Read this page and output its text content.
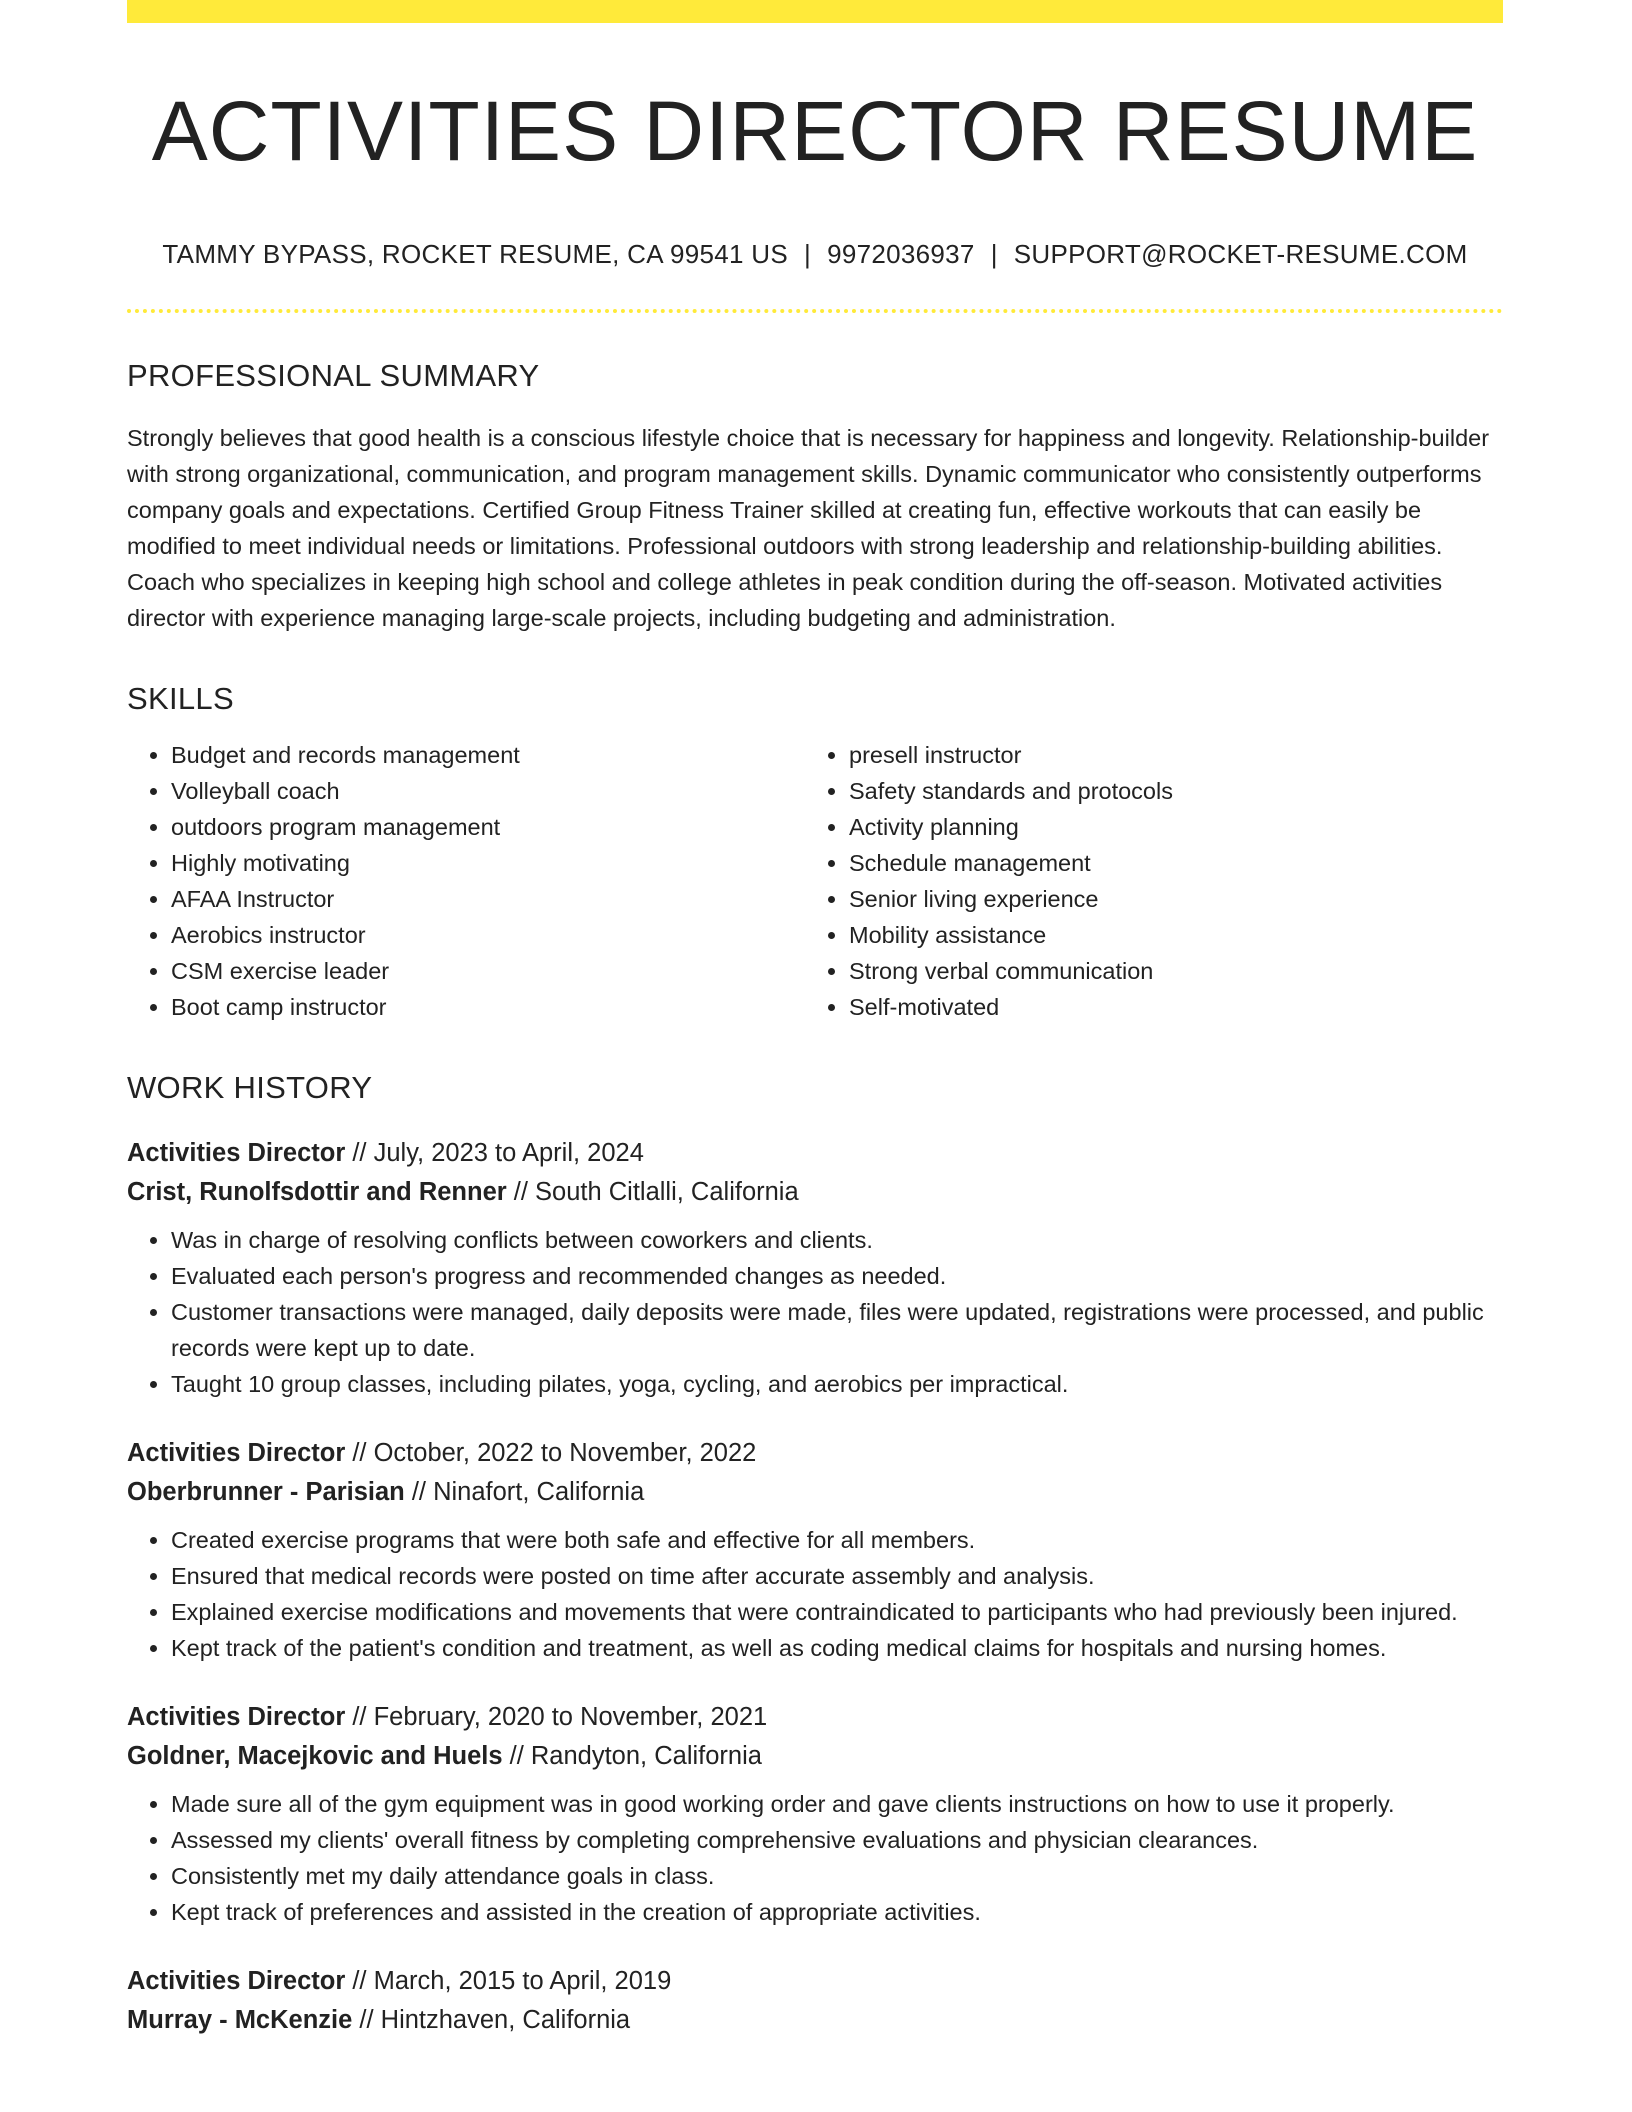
ACTIVITIES DIRECTOR RESUME
TAMMY BYPASS, ROCKET RESUME, CA 99541 US | 9972036937 | SUPPORT@ROCKET-RESUME.COM
PROFESSIONAL SUMMARY
Strongly believes that good health is a conscious lifestyle choice that is necessary for happiness and longevity. Relationship-builder with strong organizational, communication, and program management skills. Dynamic communicator who consistently outperforms company goals and expectations. Certified Group Fitness Trainer skilled at creating fun, effective workouts that can easily be modified to meet individual needs or limitations. Professional outdoors with strong leadership and relationship-building abilities. Coach who specializes in keeping high school and college athletes in peak condition during the off-season. Motivated activities director with experience managing large-scale projects, including budgeting and administration.
SKILLS
• Budget and records management
• Volleyball coach
• outdoors program management
• Highly motivating
• AFAA Instructor
• Aerobics instructor
• CSM exercise leader
• Boot camp instructor
• presell instructor
• Safety standards and protocols
• Activity planning
• Schedule management
• Senior living experience
• Mobility assistance
• Strong verbal communication
• Self-motivated
WORK HISTORY
Activities Director // July, 2023 to April, 2024
Crist, Runolfsdottir and Renner // South Citlalli, California
• Was in charge of resolving conflicts between coworkers and clients.
• Evaluated each person's progress and recommended changes as needed.
• Customer transactions were managed, daily deposits were made, files were updated, registrations were processed, and public records were kept up to date.
• Taught 10 group classes, including pilates, yoga, cycling, and aerobics per impractical.
Activities Director // October, 2022 to November, 2022
Oberbrunner - Parisian // Ninafort, California
• Created exercise programs that were both safe and effective for all members.
• Ensured that medical records were posted on time after accurate assembly and analysis.
• Explained exercise modifications and movements that were contraindicated to participants who had previously been injured.
• Kept track of the patient's condition and treatment, as well as coding medical claims for hospitals and nursing homes.
Activities Director // February, 2020 to November, 2021
Goldner, Macejkovic and Huels // Randyton, California
• Made sure all of the gym equipment was in good working order and gave clients instructions on how to use it properly.
• Assessed my clients' overall fitness by completing comprehensive evaluations and physician clearances.
• Consistently met my daily attendance goals in class.
• Kept track of preferences and assisted in the creation of appropriate activities.
Activities Director // March, 2015 to April, 2019
Murray - McKenzie // Hintzhaven, California
